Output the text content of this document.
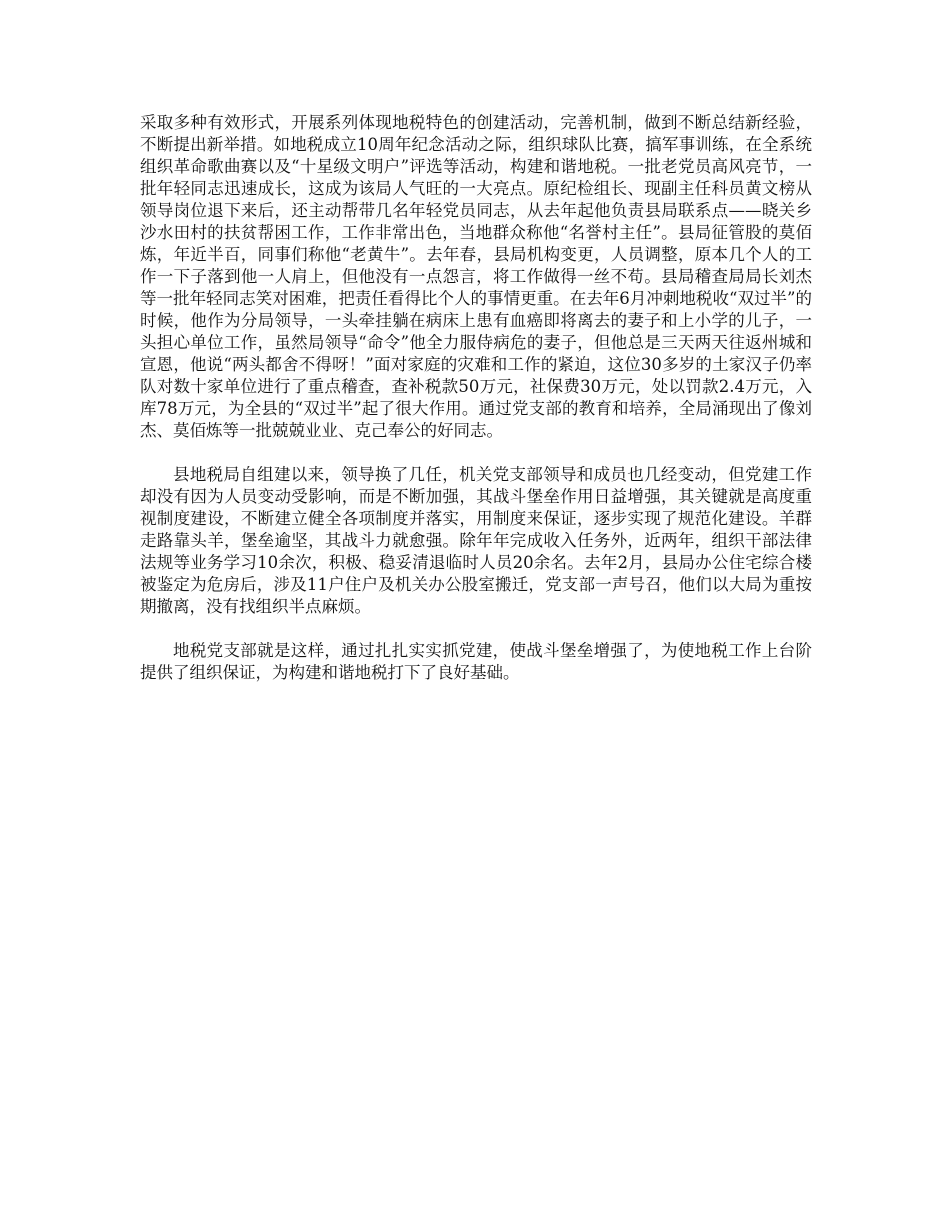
采取多种有效形式，开展系列体现地税特色的创建活动，完善机制，做到不断总结新经验，不断提出新举措。如地税成立10周年纪念活动之际，组织球队比赛，搞军事训练，在全系统组织革命歌曲赛以及“十星级文明户”评选等活动，构建和谐地税。一批老党员高风亮节，一批年轻同志迅速成长，这成为该局人气旺的一大亮点。原纪检组长、现副主任科员黄文榜从领导岗位退下来后，还主动帮带几名年轻党员同志，从去年起他负责县局联系点——晓关乡沙水田村的扶贫帮困工作，工作非常出色，当地群众称他“名誉村主任”。县局征管股的莫佰炼，年近半百，同事们称他“老黄牛”。去年春，县局机构变更，人员调整，原本几个人的工作一下子落到他一人肩上，但他没有一点怨言，将工作做得一丝不苟。县局稽查局局长刘杰等一批年轻同志笑对困难，把责任看得比个人的事情更重。在去年6月冲刺地税收“双过半”的时候，他作为分局领导，一头牵挂躺在病床上患有血癌即将离去的妻子和上小学的儿子，一头担心单位工作，虽然局领导“命令”他全力服侍病危的妻子，但他总是三天两天往返州城和宣恩，他说“两头都舍不得呀！”面对家庭的灾难和工作的紧迫，这位30多岁的土家汉子仍率队对数十家单位进行了重点稽查，查补税款50万元，社保费30万元，处以罚款2.4万元，入库78万元，为全县的“双过半”起了很大作用。通过党支部的教育和培养，全局涌现出了像刘杰、莫佰炼等一批兢兢业业、克己奉公的好同志。

县地税局自组建以来，领导换了几任，机关党支部领导和成员也几经变动，但党建工作却没有因为人员变动受影响，而是不断加强，其战斗堡垒作用日益增强，其关键就是高度重视制度建设，不断建立健全各项制度并落实，用制度来保证，逐步实现了规范化建设。羊群走路靠头羊，堡垒逾坚，其战斗力就愈强。除年年完成收入任务外，近两年，组织干部法律法规等业务学习10余次，积极、稳妥清退临时人员20余名。去年2月，县局办公住宅综合楼被鉴定为危房后，涉及11户住户及机关办公股室搬迁，党支部一声号召，他们以大局为重按期撤离，没有找组织半点麻烦。

地税党支部就是这样，通过扎扎实实抓党建，使战斗堡垒增强了，为使地税工作上台阶提供了组织保证，为构建和谐地税打下了良好基础。
